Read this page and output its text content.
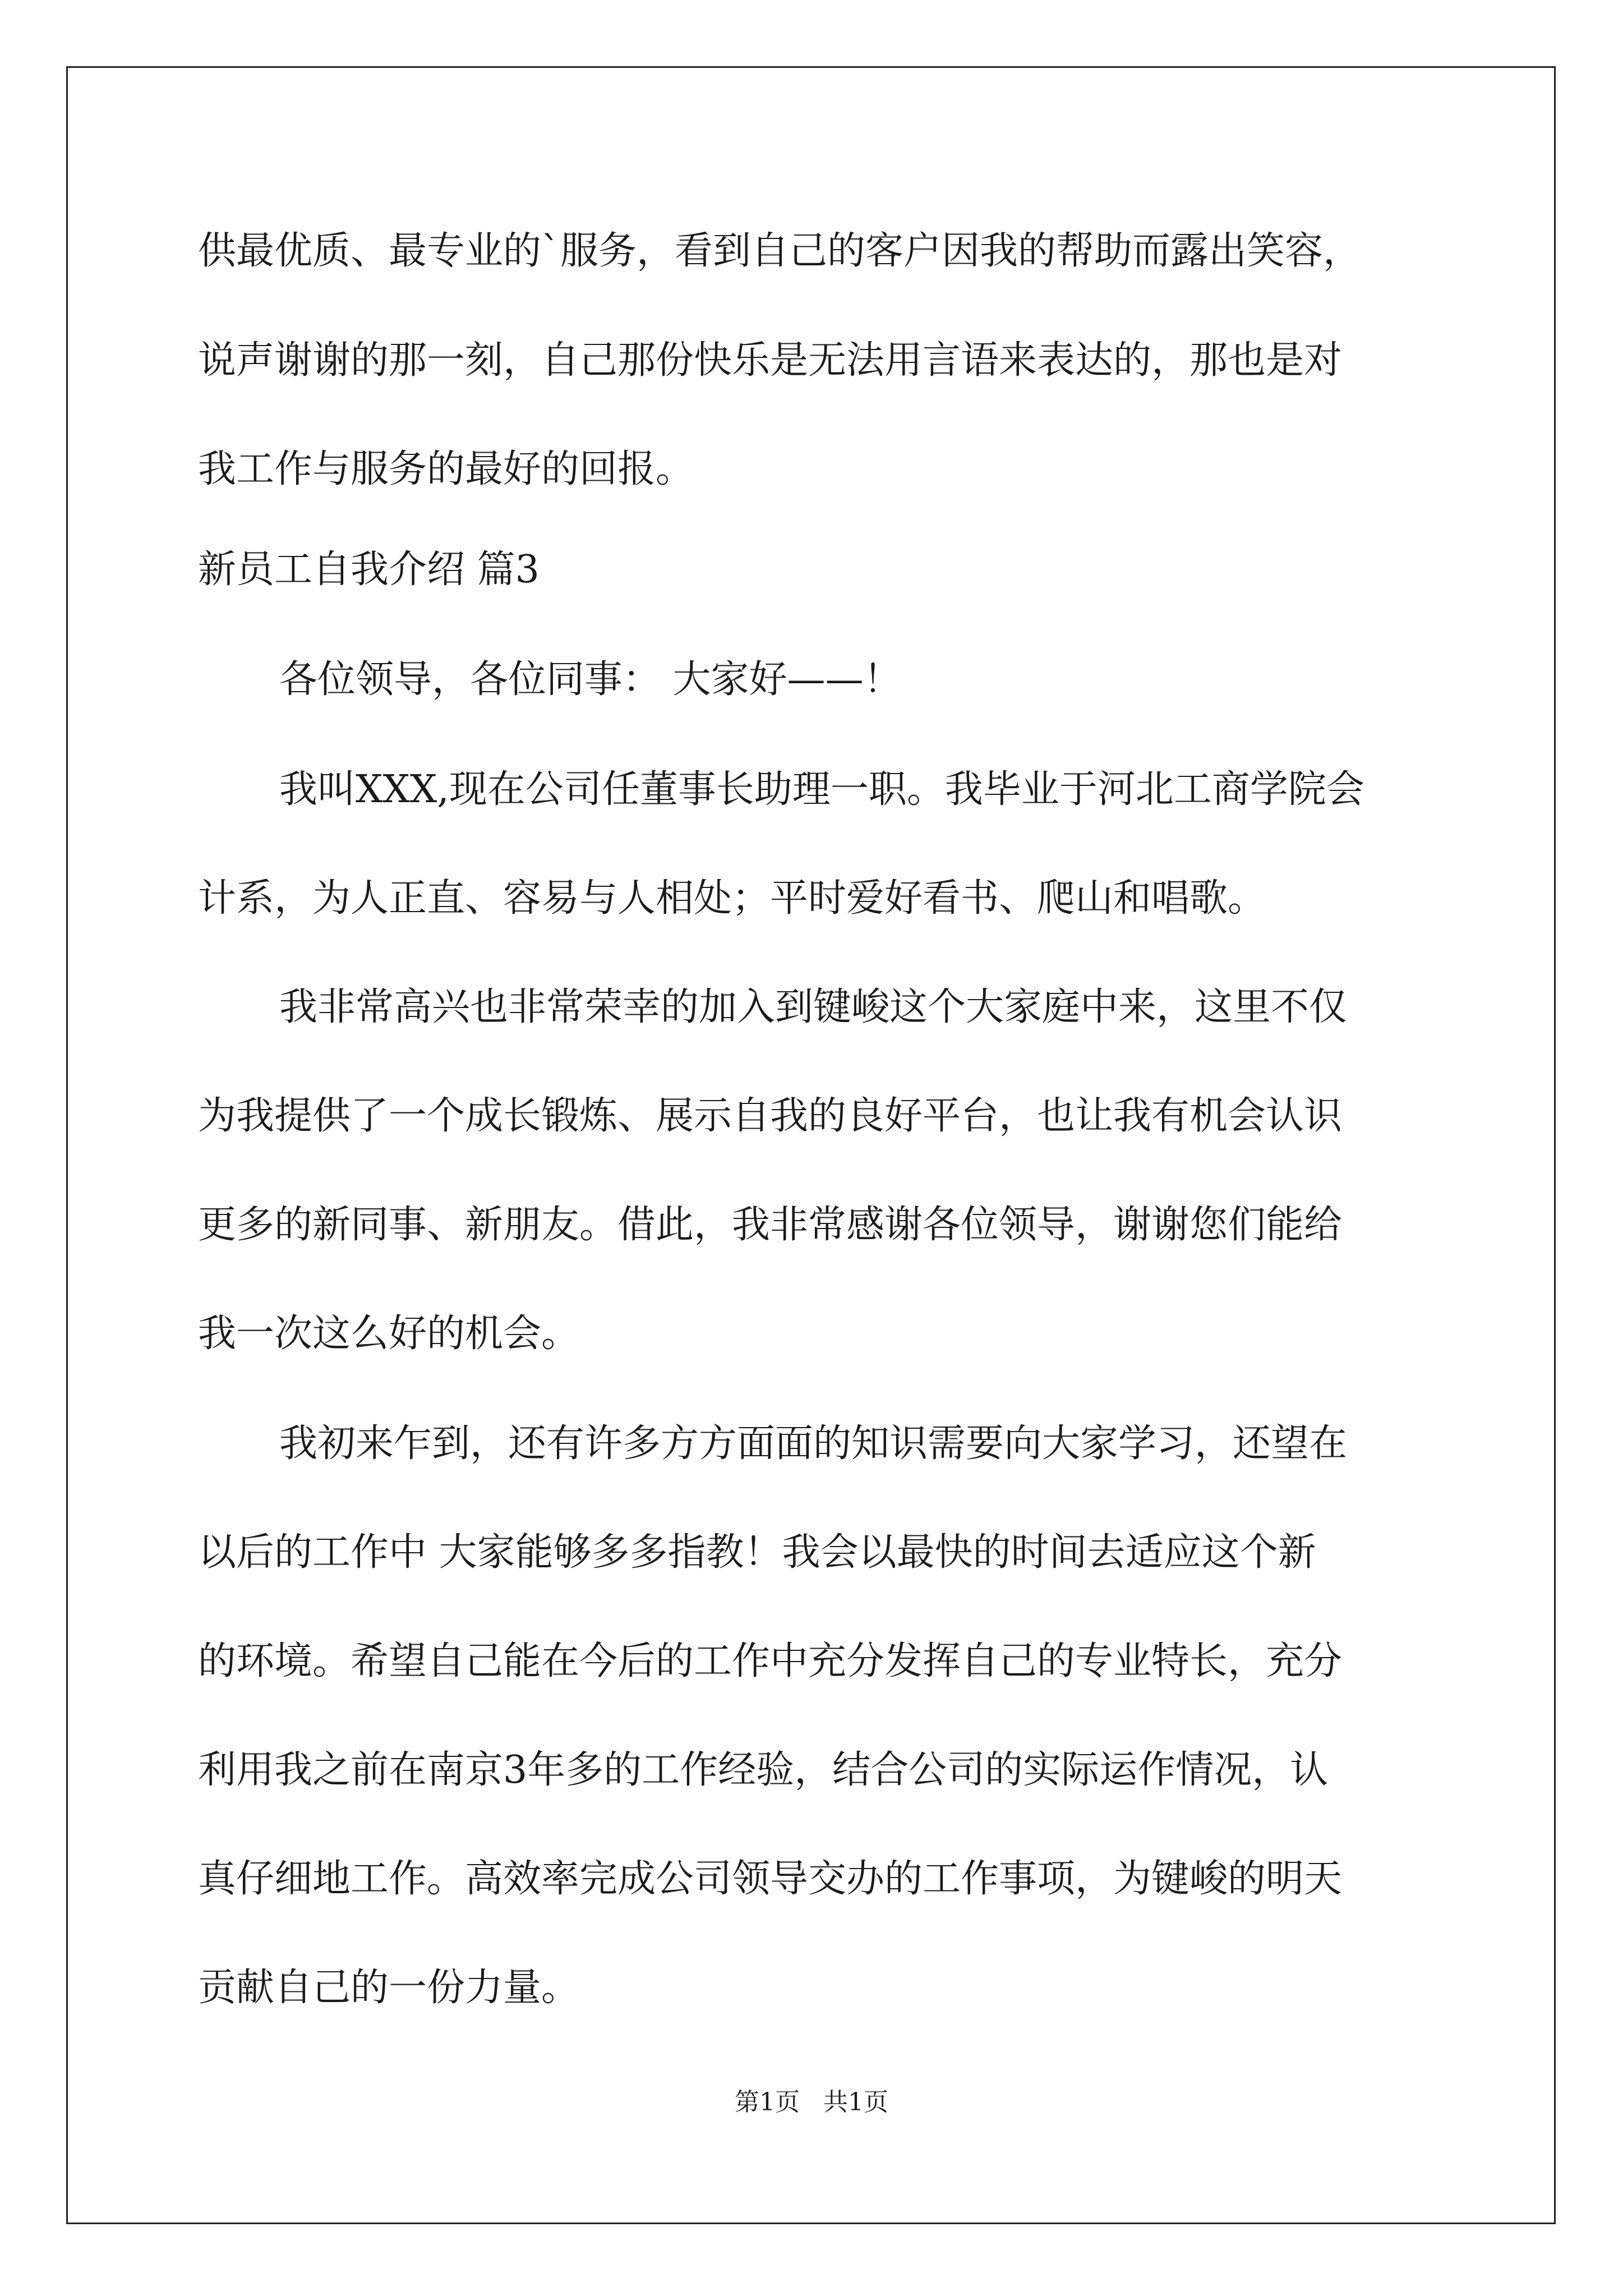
供最优质、最专业的`服务，看到自己的客户因我的帮助而露出笑容，
说声谢谢的那一刻，自己那份快乐是无法用言语来表达的，那也是对
我工作与服务的最好的回报。
新员工自我介绍 篇3
各位领导，各位同事： 大家好——！
我叫XXX,现在公司任董事长助理一职。我毕业于河北工商学院会
计系，为人正直、容易与人相处；平时爱好看书、爬山和唱歌。
我非常高兴也非常荣幸的加入到键峻这个大家庭中来，这里不仅
为我提供了一个成长锻炼、展示自我的良好平台，也让我有机会认识
更多的新同事、新朋友。借此，我非常感谢各位领导，谢谢您们能给
我一次这么好的机会。
我初来乍到，还有许多方方面面的知识需要向大家学习，还望在
以后的工作中 大家能够多多指教！我会以最快的时间去适应这个新
的环境。希望自己能在今后的工作中充分发挥自己的专业特长，充分
利用我之前在南京3年多的工作经验，结合公司的实际运作情况，认
真仔细地工作。高效率完成公司领导交办的工作事项，为键峻的明天
贡献自己的一份力量。
第1页   共1页
